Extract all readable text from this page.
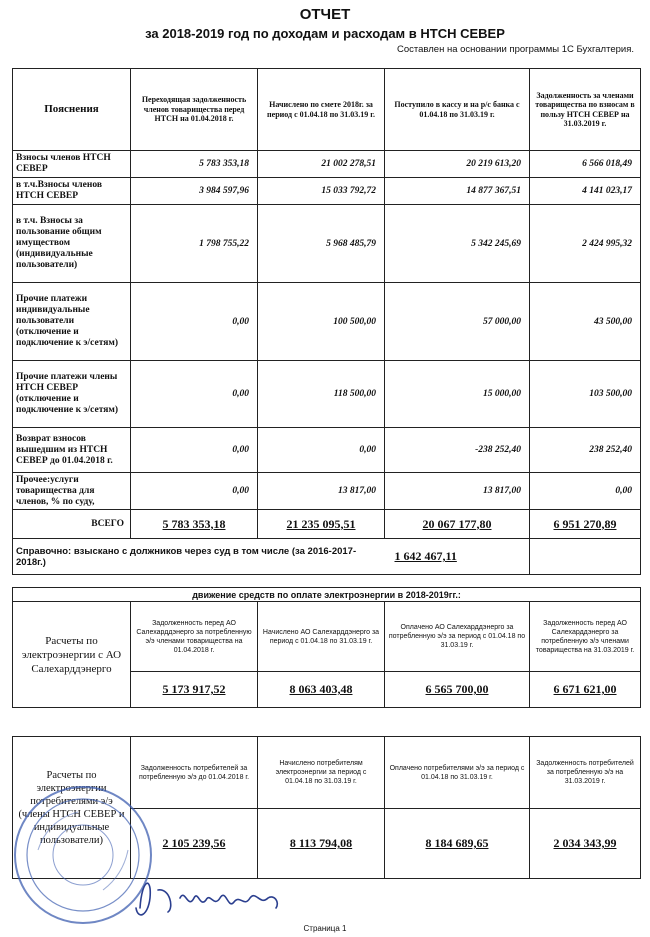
ОТЧЕТ
за 2018-2019 год по доходам и расходам в НТСН СЕВЕР
Составлен на основании программы 1С Бухгалтерия.
Пояснения	Переходящая задолженность членов товарищества перед НТСН на 01.04.2018 г.	Начислено по смете 2018г. за период с 01.04.18 по 31.03.19 г.	Поступило в кассу и на р/с банка с 01.04.18 по 31.03.19 г.	Задолженность за членами товарищества по взносам в пользу НТСН СЕВЕР на 31.03.2019 г.
Взносы членов НТСН СЕВЕР	5 783 353,18	21 002 278,51	20 219 613,20	6 566 018,49
в т.ч.Взносы членов НТСН СЕВЕР	3 984 597,96	15 033 792,72	14 877 367,51	4 141 023,17
в т.ч. Взносы за пользование общим имуществом (индивидуальные пользователи)	1 798 755,22	5 968 485,79	5 342 245,69	2 424 995,32
Прочие платежи индивидуальные пользователи (отключение и подключение к э/сетям)	0,00	100 500,00	57 000,00	43 500,00
Прочие платежи члены НТСН СЕВЕР (отключение и подключение к э/сетям)	0,00	118 500,00	15 000,00	103 500,00
Возврат взносов вышедшим из НТСН СЕВЕР до 01.04.2018 г.	0,00	0,00	-238 252,40	238 252,40
Прочее:услуги товарищества для членов, % по суду,	0,00	13 817,00	13 817,00	0,00
ВСЕГО	5 783 353,18	21 235 095,51	20 067 177,80	6 951 270,89
Справочно: взыскано с должников через суд в том числе (за 2016-2017-2018г.)			1 642 467,11	
движение средств по оплате электроэнергии в 2018-2019гг.:				
Расчеты по электроэнергии с АО Салехарддэнерго	Задолженность перед АО Салехарддэнерго за потребленную э/э членами товарищества на 01.04.2018 г.	Начислено АО Салехарддэнерго за период с 01.04.18 по 31.03.19 г.	Оплачено АО Салехарддэнерго за потребленную э/э за период с 01.04.18 по 31.03.19 г.	Задолженность перед АО Салехарддэнерго за потребленную э/э членами товарищества на 31.03.2019 г.
	5 173 917,52	8 063 403,48	6 565 700,00	6 671 621,00
Расчеты по электроэнергии потребителями э/э (члены НТСН СЕВЕР и индивидуальные пользователи)	Задолженность потребителей за потребленную э/э до 01.04.2018 г.	Начислено потребителям электроэнергии за период с 01.04.18 по 31.03.19 г.	Оплачено потребителями э/э за период с 01.04.18 по 31.03.19 г.	Задолженность потребителей за потребленную э/э на 31.03.2019 г.
	2 105 239,56	8 113 794,08	8 184 689,65	2 034 343,99
Страница 1
